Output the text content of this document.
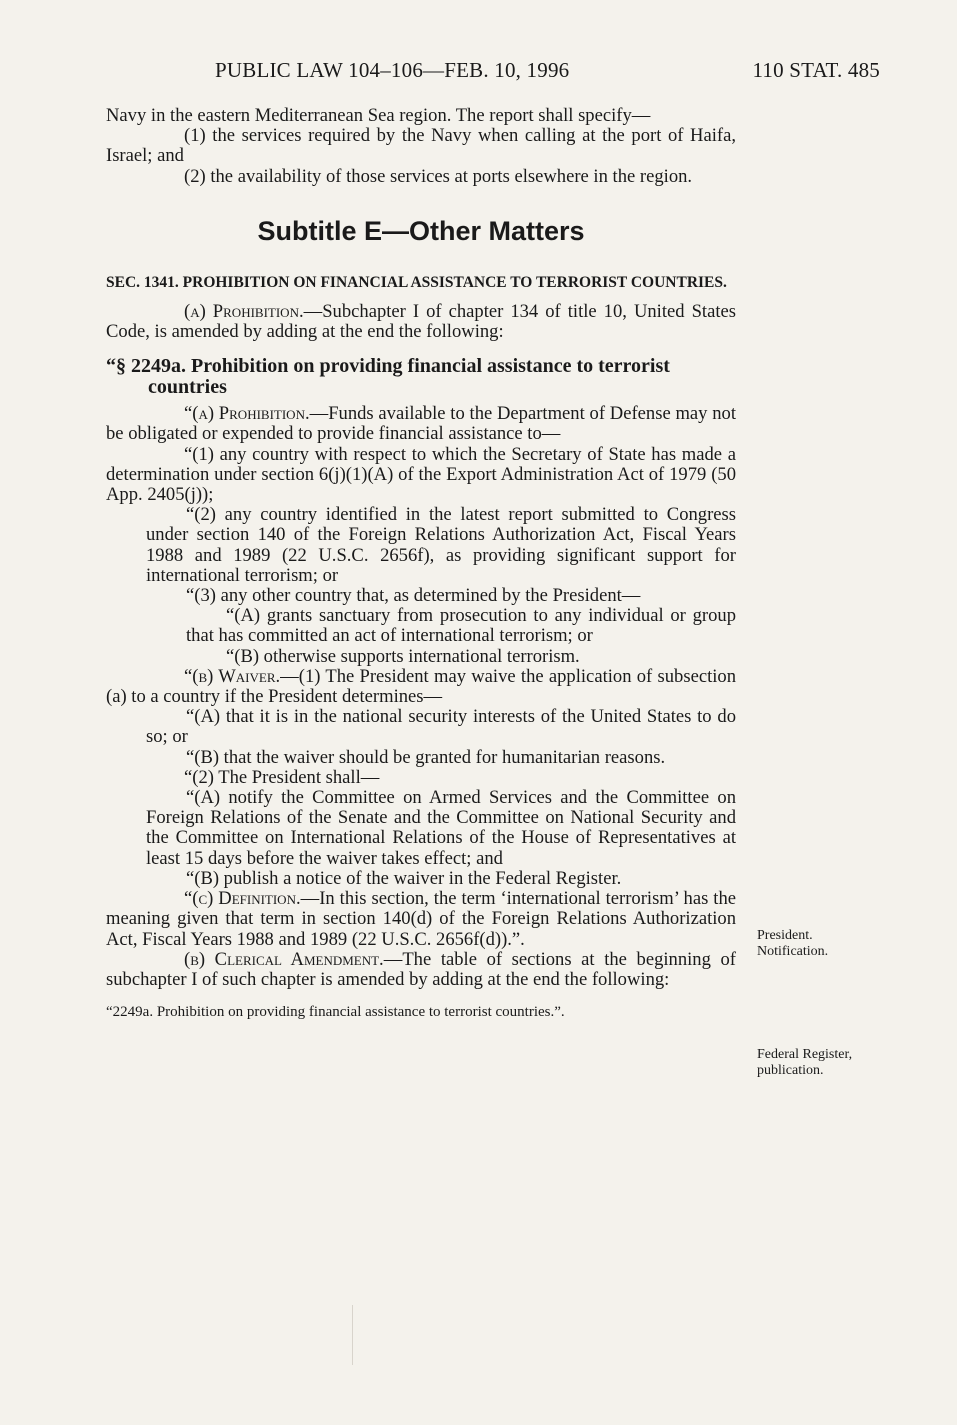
PUBLIC LAW 104–106—FEB. 10, 1996	110 STAT. 485

Navy in the eastern Mediterranean Sea region. The report shall specify—

(1) the services required by the Navy when calling at the port of Haifa, Israel; and

(2) the availability of those services at ports elsewhere in the region.

Subtitle E—Other Matters

SEC. 1341. PROHIBITION ON FINANCIAL ASSISTANCE TO TERRORIST COUNTRIES.

(a) Prohibition.—Subchapter I of chapter 134 of title 10, United States Code, is amended by adding at the end the following:

“§ 2249a. Prohibition on providing financial assistance to terrorist countries

“(a) Prohibition.—Funds available to the Department of Defense may not be obligated or expended to provide financial assistance to—

“(1) any country with respect to which the Secretary of State has made a determination under section 6(j)(1)(A) of the Export Administration Act of 1979 (50 App. 2405(j));

“(2) any country identified in the latest report submitted to Congress under section 140 of the Foreign Relations Authorization Act, Fiscal Years 1988 and 1989 (22 U.S.C. 2656f), as providing significant support for international terrorism; or

“(3) any other country that, as determined by the President—

“(A) grants sanctuary from prosecution to any individual or group that has committed an act of international terrorism; or

“(B) otherwise supports international terrorism.

“(b) Waiver.—(1) The President may waive the application of subsection (a) to a country if the President determines—

“(A) that it is in the national security interests of the United States to do so; or

“(B) that the waiver should be granted for humanitarian reasons.

“(2) The President shall—

“(A) notify the Committee on Armed Services and the Committee on Foreign Relations of the Senate and the Committee on National Security and the Committee on International Relations of the House of Representatives at least 15 days before the waiver takes effect; and

“(B) publish a notice of the waiver in the Federal Register.

“(c) Definition.—In this section, the term ‘international terrorism’ has the meaning given that term in section 140(d) of the Foreign Relations Authorization Act, Fiscal Years 1988 and 1989 (22 U.S.C. 2656f(d)).”.

(b) Clerical Amendment.—The table of sections at the beginning of subchapter I of such chapter is amended by adding at the end the following:

“2249a. Prohibition on providing financial assistance to terrorist countries.”.

President.
Notification.
Federal Register,
publication.
